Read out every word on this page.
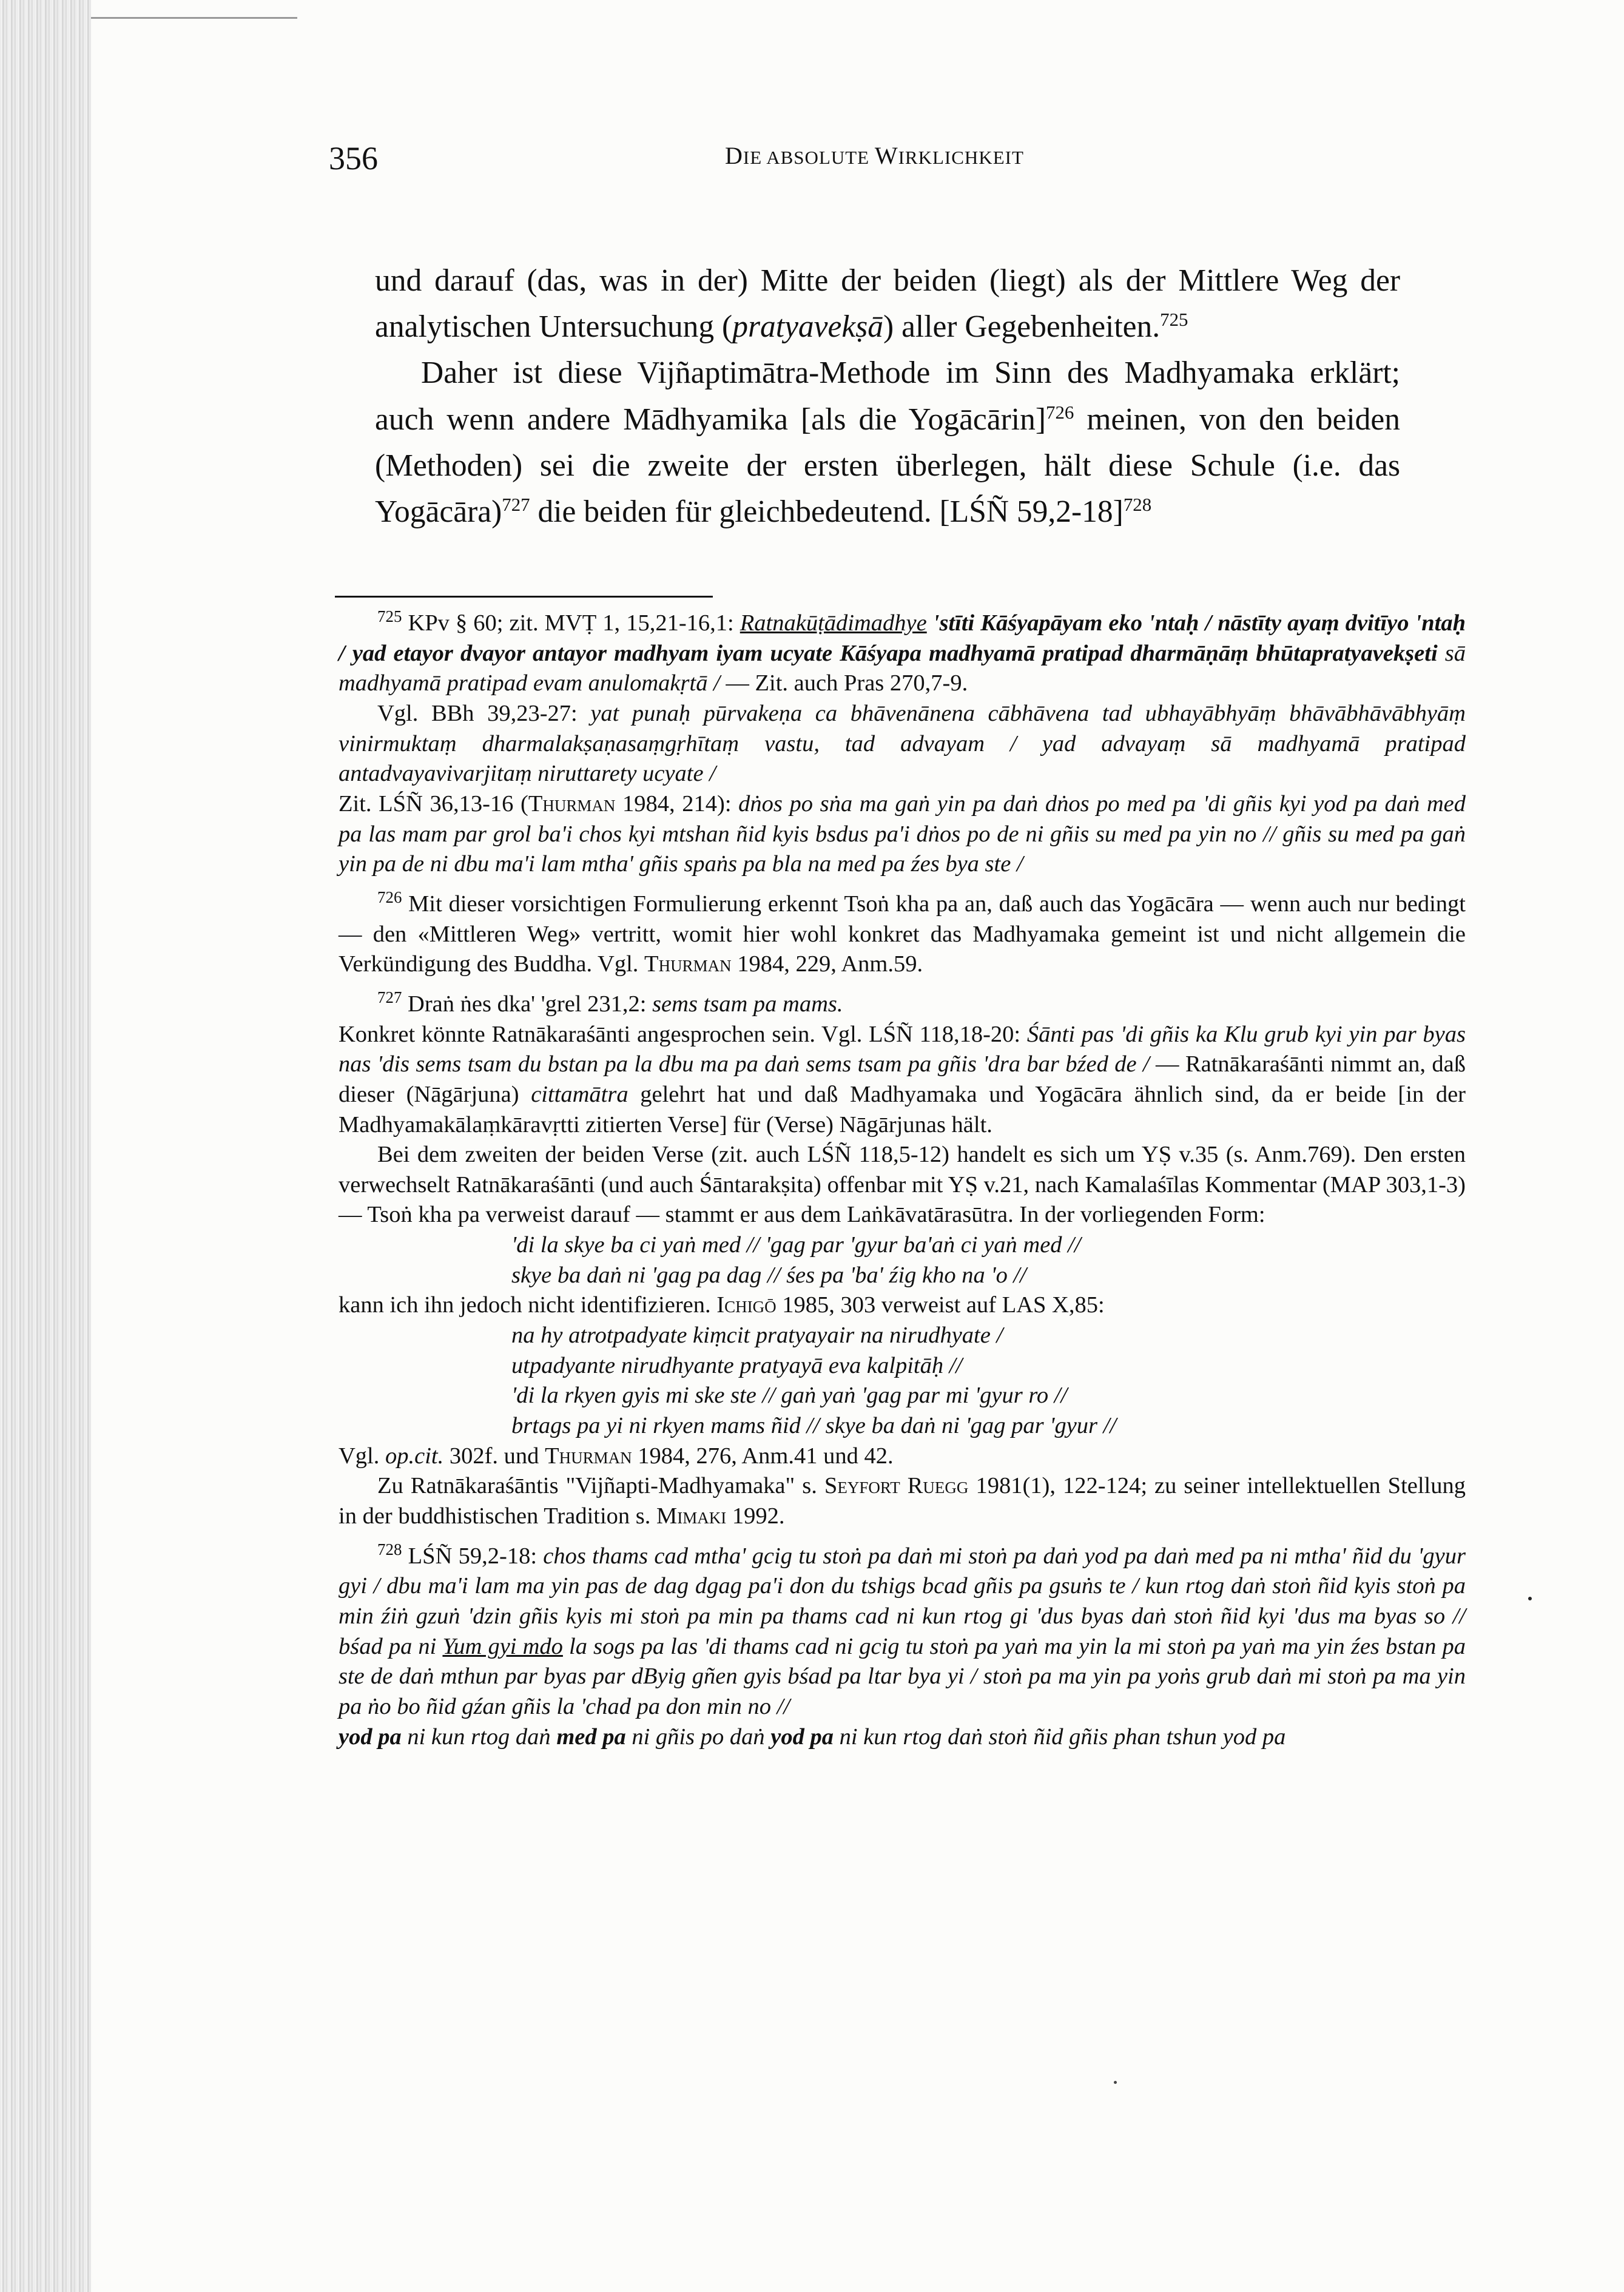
356	DIE ABSOLUTE WIRKLICHKEIT

und darauf (das, was in der) Mitte der beiden (liegt) als der Mittlere Weg der analytischen Untersuchung (pratyavekṣā) aller Gegebenheiten.$^{725}$

Daher ist diese Vijñaptimātra-Methode im Sinn des Madhyamaka erklärt; auch wenn andere Mādhyamika [als die Yogācārin]$^{726}$ meinen, von den beiden (Methoden) sei die zweite der ersten überlegen, hält diese Schule (i.e. das Yogācāra)$^{727}$ die beiden für gleichbedeutend. [LŚÑ 59,2-18]$^{728}$

$^{725}$ KPv § 60; zit. MVṬ 1, 15,21-16,1: Ratnakūṭādimadhye 'stīti Kāśyapāyam eko 'ntaḥ / nāstīty ayaṃ dvitīyo 'ntaḥ / yad etayor dvayor antayor madhyam iyam ucyate Kāśyapa madhyamā pratipad dharmāṇāṃ bhūtapratyavekṣeti sā madhyamā pratipad evam anulomakṛtā / — Zit. auch Pras 270,7-9.

Vgl. BBh 39,23-27: yat punaḥ pūrvakeṇa ca bhāvenānena cābhāvena tad ubhayābhyāṃ bhāvābhāvābhyāṃ vinirmuktaṃ dharmalakṣaṇasaṃgṛhītaṃ vastu, tad advayam / yad advayaṃ sā madhyamā pratipad antadvayavivarjitaṃ niruttarety ucyate /

Zit. LŚÑ 36,13-16 (Thurman 1984, 214): dṅos po sṅa ma gaṅ yin pa daṅ dṅos po med pa 'di gñis kyi yod pa daṅ med pa las mam par grol ba'i chos kyi mtshan ñid kyis bsdus pa'i dṅos po de ni gñis su med pa yin no // gñis su med pa gaṅ yin pa de ni dbu ma'i lam mtha' gñis spaṅs pa bla na med pa źes bya ste /

$^{726}$ Mit dieser vorsichtigen Formulierung erkennt Tsoṅ kha pa an, daß auch das Yogācāra — wenn auch nur bedingt — den «Mittleren Weg» vertritt, womit hier wohl konkret das Madhyamaka gemeint ist und nicht allgemein die Verkündigung des Buddha. Vgl. Thurman 1984, 229, Anm.59.

$^{727}$ Draṅ ṅes dka' 'grel 231,2: sems tsam pa mams.

Konkret könnte Ratnākaraśānti angesprochen sein. Vgl. LŚÑ 118,18-20: Śānti pas 'di gñis ka Klu grub kyi yin par byas nas 'dis sems tsam du bstan pa la dbu ma pa daṅ sems tsam pa gñis 'dra bar bźed de / — Ratnākaraśānti nimmt an, daß dieser (Nāgārjuna) cittamātra gelehrt hat und daß Madhyamaka und Yogācāra ähnlich sind, da er beide [in der Madhyamakālaṃkāravṛtti zitierten Verse] für (Verse) Nāgārjunas hält.

Bei dem zweiten der beiden Verse (zit. auch LŚÑ 118,5-12) handelt es sich um YṢ v.35 (s. Anm.769). Den ersten verwechselt Ratnākaraśānti (und auch Śāntarakṣita) offenbar mit YṢ v.21, nach Kamalaśīlas Kommentar (MAP 303,1-3) — Tsoṅ kha pa verweist darauf — stammt er aus dem Laṅkāvatārasūtra. In der vorliegenden Form:

'di la skye ba ci yaṅ med // 'gag par 'gyur ba'aṅ ci yaṅ med //

skye ba daṅ ni 'gag pa dag // śes pa 'ba' źig kho na 'o //

kann ich ihn jedoch nicht identifizieren. Ichigō 1985, 303 verweist auf LAS X,85:

na hy atrotpadyate kiṃcit pratyayair na nirudhyate /

utpadyante nirudhyante pratyayā eva kalpitāḥ //

'di la rkyen gyis mi ske ste // gaṅ yaṅ 'gag par mi 'gyur ro //

brtags pa yi ni rkyen mams ñid // skye ba daṅ ni 'gag par 'gyur //

Vgl. op.cit. 302f. und Thurman 1984, 276, Anm.41 und 42.

Zu Ratnākaraśāntis "Vijñapti-Madhyamaka" s. Seyfort Ruegg 1981(1), 122-124; zu seiner intellektuellen Stellung in der buddhistischen Tradition s. Mimaki 1992.

$^{728}$ LŚÑ 59,2-18: chos thams cad mtha' gcig tu stoṅ pa daṅ mi stoṅ pa daṅ yod pa daṅ med pa ni mtha' ñid du 'gyur gyi / dbu ma'i lam ma yin pas de dag dgag pa'i don du tshigs bcad gñis pa gsuṅs te / kun rtog daṅ stoṅ ñid kyis stoṅ pa min źiṅ gzuṅ 'dzin gñis kyis mi stoṅ pa min pa thams cad ni kun rtog gi 'dus byas daṅ stoṅ ñid kyi 'dus ma byas so // bśad pa ni Yum gyi mdo la sogs pa las 'di thams cad ni gcig tu stoṅ pa yaṅ ma yin la mi stoṅ pa yaṅ ma yin źes bstan pa ste de daṅ mthun par byas par dByig gñen gyis bśad pa ltar bya yi / stoṅ pa ma yin pa yoṅs grub daṅ mi stoṅ pa ma yin pa ṅo bo ñid gźan gñis la 'chad pa don min no //

yod pa ni kun rtog daṅ med pa ni gñis po daṅ yod pa ni kun rtog daṅ stoṅ ñid gñis phan tshun yod pa
